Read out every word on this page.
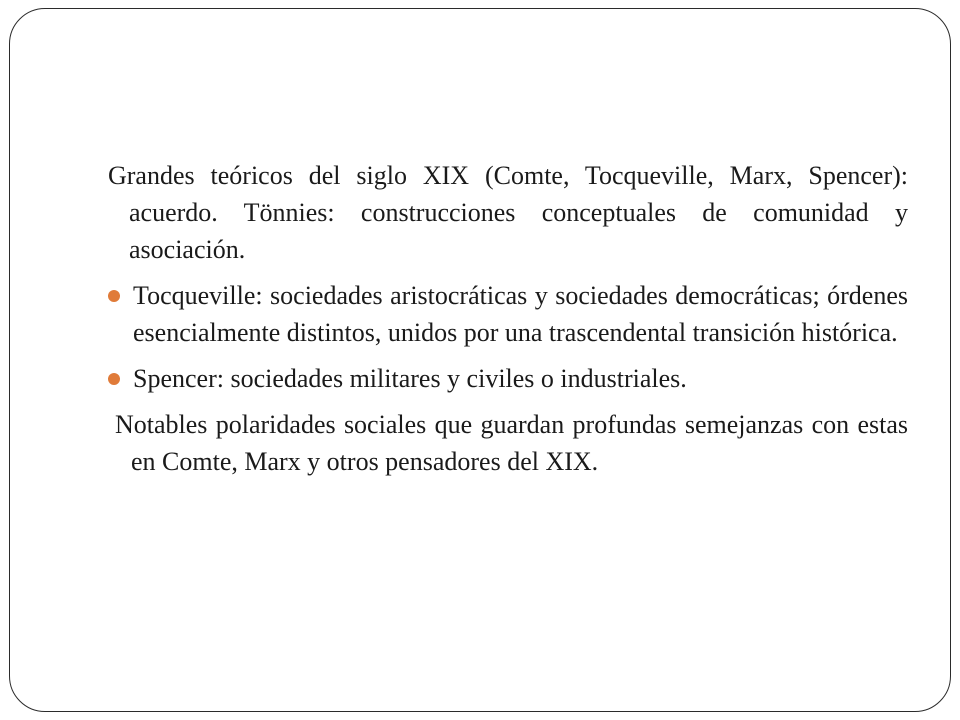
Grandes teóricos del siglo XIX (Comte, Tocqueville, Marx, Spencer): acuerdo. Tönnies: construcciones conceptuales de comunidad y asociación.

Tocqueville: sociedades aristocráticas y sociedades democráticas; órdenes esencialmente distintos, unidos por una trascendental transición histórica.

Spencer: sociedades militares y civiles o industriales.

Notables polaridades sociales que guardan profundas semejanzas con estas en Comte, Marx y otros pensadores del XIX.
